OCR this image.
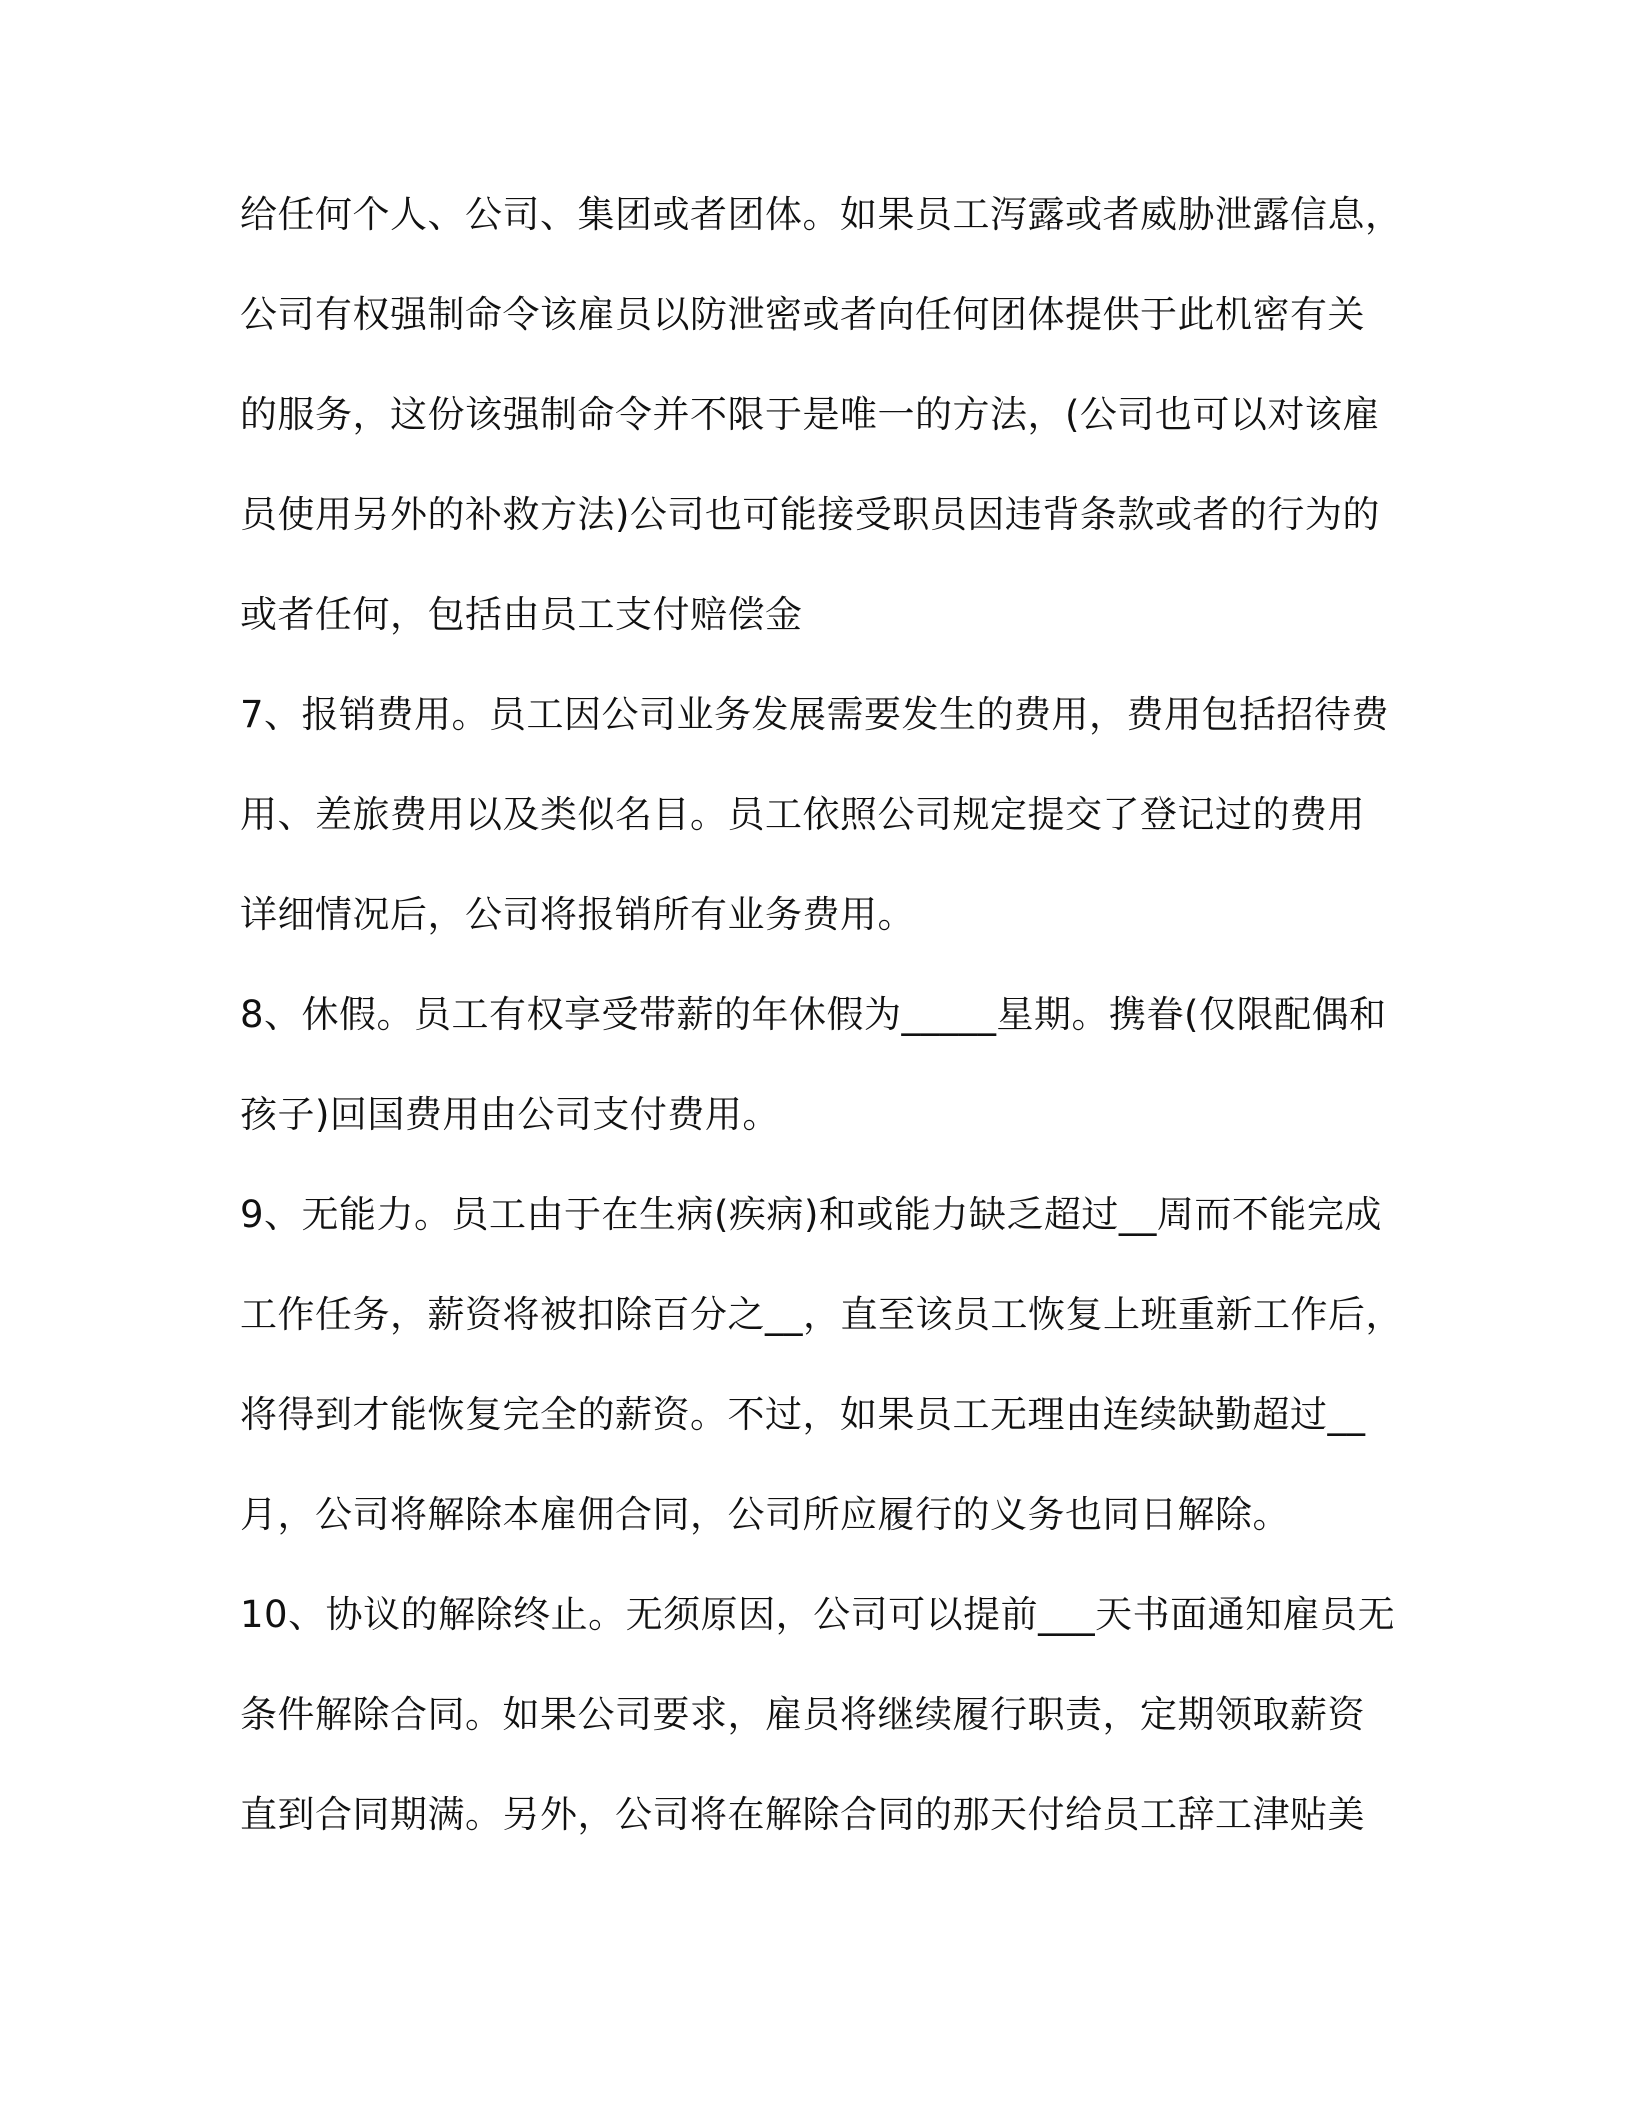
给任何个人、公司、集团或者团体。如果员工泻露或者威胁泄露信息，
公司有权强制命令该雇员以防泄密或者向任何团体提供于此机密有关
的服务，这份该强制命令并不限于是唯一的方法，(公司也可以对该雇
员使用另外的补救方法)公司也可能接受职员因违背条款或者的行为的
或者任何，包括由员工支付赔偿金
7、报销费用。员工因公司业务发展需要发生的费用，费用包括招待费
用、差旅费用以及类似名目。员工依照公司规定提交了登记过的费用
详细情况后，公司将报销所有业务费用。
8、休假。员工有权享受带薪的年休假为_____星期。携眷(仅限配偶和
孩子)回国费用由公司支付费用。
9、无能力。员工由于在生病(疾病)和或能力缺乏超过__周而不能完成
工作任务，薪资将被扣除百分之__，直至该员工恢复上班重新工作后，
将得到才能恢复完全的薪资。不过，如果员工无理由连续缺勤超过__
月，公司将解除本雇佣合同，公司所应履行的义务也同日解除。
10、协议的解除终止。无须原因，公司可以提前___天书面通知雇员无
条件解除合同。如果公司要求，雇员将继续履行职责，定期领取薪资
直到合同期满。另外，公司将在解除合同的那天付给员工辞工津贴美
